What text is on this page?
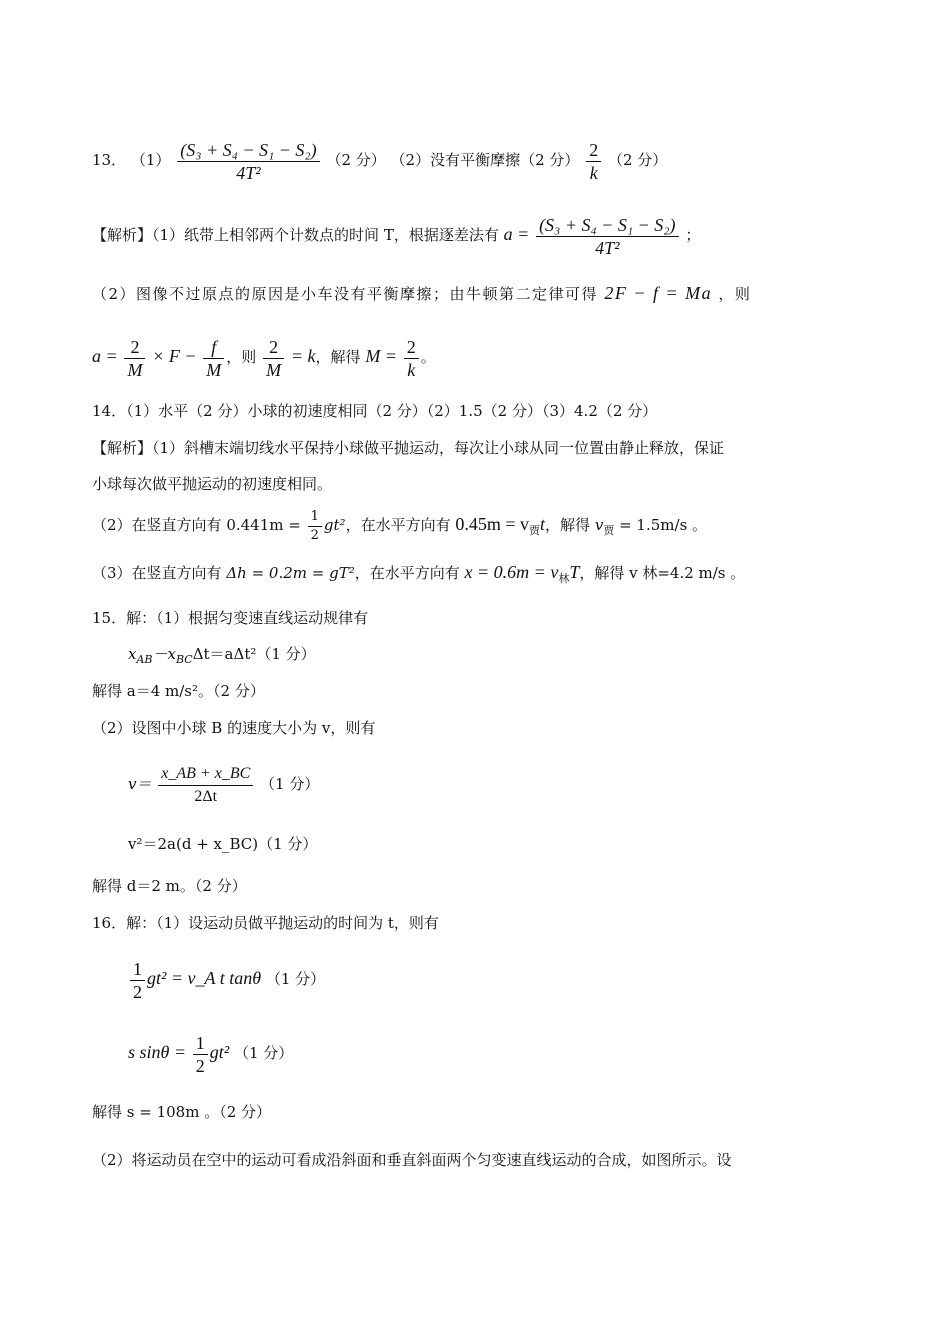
13． $(1) \frac{\text{(S₃ + S₄ − S₁ − S₂)}}{\text{4T²}} (2$ 分） （2）没有平衡摩擦（2 分） $\frac{2}{k} (2$ 分）
【解析】（1）纸带上相邻两个计数点的时间 T，根据逐差法有 $a = \frac{\text{(S₃ + S₄ − S₁ − S₂)}}{\text{4T²}}$ ；
（2）图像不过原点的原因是小车没有平衡摩擦；由牛顿第二定律可得 2F − f = Ma ，则
$a = \frac{2}{M} \times F - \frac{f}{M}$ ，则 $\frac{2}{M} = k$，解得 $M = \frac{2}{k}$ 。
14．（1）水平（2 分）小球的初速度相同（2 分）（2）1.5（2 分）（3）4.2（2 分）
【解析】（1）斜槽末端切线水平保持小球做平抛运动，每次让小球从同一位置由静止释放，保证
小球每次做平抛运动的初速度相同。
（2）在竖直方向有 $0.441m = \frac{1}{2} gt^2$，在水平方向有 $0.45m = v_贾t$，解得 $v_贾 = 1.5m/s$ 。
（3）在竖直方向有 Δh = 0.2m = gT²，在水平方向有 $x = 0.6m = v_林T$，解得 v 林=4.2 m/s 。
15．解：（1）根据匀变速直线运动规律有
$x_{AB}-x_{BC}\Delta t=a\Delta t^2(1$ 分）
解得 a＝4 m/s²。（2 分）
（2）设图中小球 B 的速度大小为 v，则有
$v= \frac{x\_AB + x\_BC}{2\Delta t} (1$ 分）
v²＝2a(d + x_BC)（1 分）
解得 d＝2 m。（2 分）
16．解：（1）设运动员做平抛运动的时间为 t，则有
$\frac{1}{2} gt^2$ = v_A t tanθ （1 分）
s $\sin\theta = \frac{1}{2} gt^2$ （1 分）
解得 s = 108m 。（2 分）
（2）将运动员在空中的运动可看成沿斜面和垂直斜面两个匀变速直线运动的合成，如图所示。设
